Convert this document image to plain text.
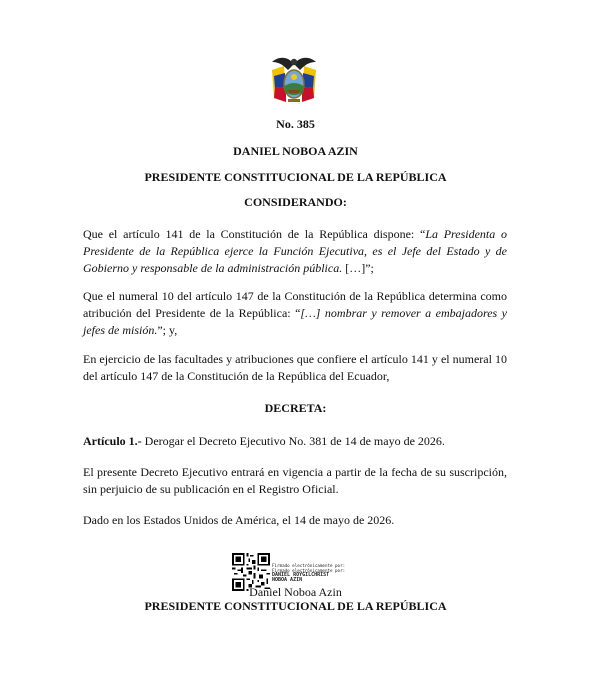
No. 385
DANIEL NOBOA AZIN
PRESIDENTE CONSTITUCIONAL DE LA REPÚBLICA
CONSIDERANDO:
Que el artículo 141 de la Constitución de la República dispone: “La Presidenta o Presidente de la República ejerce la Función Ejecutiva, es el Jefe del Estado y de Gobierno y responsable de la administración pública. […]”;
Que el numeral 10 del artículo 147 de la Constitución de la República determina como atribución del Presidente de la República: “[…] nombrar y remover a embajadores y jefes de misión.”; y,
En ejercicio de las facultades y atribuciones que confiere el artículo 141 y el numeral 10 del artículo 147 de la Constitución de la República del Ecuador,
DECRETA:
Artículo 1.- Derogar el Decreto Ejecutivo No. 381 de 14 de mayo de 2026.
El presente Decreto Ejecutivo entrará en vigencia a partir de la fecha de su suscripción, sin perjuicio de su publicación en el Registro Oficial.
Dado en los Estados Unidos de América, el 14 de mayo de 2026.
Firmado electrónicamente por:
Firmado electrónicamente por:
DANIEL ROYGILCHRIST
NOBOA AZIN
Daniel Noboa Azin
PRESIDENTE CONSTITUCIONAL DE LA REPÚBLICA
